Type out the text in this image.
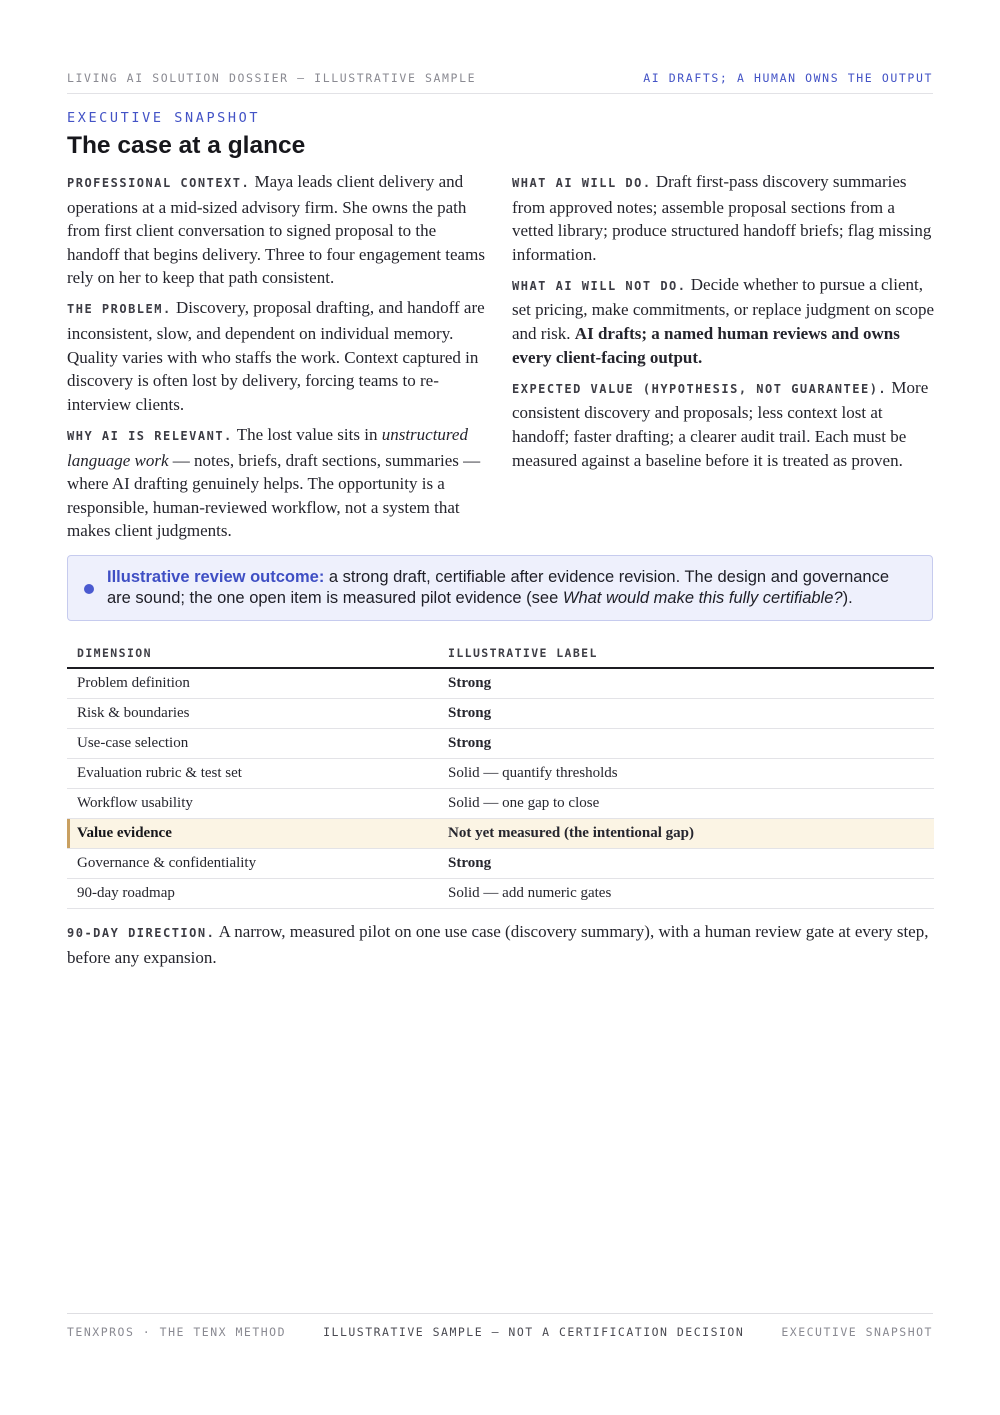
LIVING AI SOLUTION DOSSIER — ILLUSTRATIVE SAMPLE	AI DRAFTS; A HUMAN OWNS THE OUTPUT
EXECUTIVE SNAPSHOT
The case at a glance

PROFESSIONAL CONTEXT. Maya leads client delivery and operations at a mid-sized advisory firm. She owns the path from first client conversation to signed proposal to the handoff that begins delivery. Three to four engagement teams rely on her to keep that path consistent.

THE PROBLEM. Discovery, proposal drafting, and handoff are inconsistent, slow, and dependent on individual memory. Quality varies with who staffs the work. Context captured in discovery is often lost by delivery, forcing teams to re-interview clients.

WHY AI IS RELEVANT. The lost value sits in unstructured language work — notes, briefs, draft sections, summaries — where AI drafting genuinely helps. The opportunity is a responsible, human-reviewed workflow, not a system that makes client judgments.

WHAT AI WILL DO. Draft first-pass discovery summaries from approved notes; assemble proposal sections from a vetted library; produce structured handoff briefs; flag missing information.

WHAT AI WILL NOT DO. Decide whether to pursue a client, set pricing, make commitments, or replace judgment on scope and risk. AI drafts; a named human reviews and owns every client-facing output.

EXPECTED VALUE (HYPOTHESIS, NOT GUARANTEE). More consistent discovery and proposals; less context lost at handoff; faster drafting; a clearer audit trail. Each must be measured against a baseline before it is treated as proven.

Illustrative review outcome: a strong draft, certifiable after evidence revision. The design and governance are sound; the one open item is measured pilot evidence (see What would make this fully certifiable?).
DIMENSION	ILLUSTRATIVE LABEL
Problem definition	Strong
Risk & boundaries	Strong
Use-case selection	Strong
Evaluation rubric & test set	Solid — quantify thresholds
Workflow usability	Solid — one gap to close
Value evidence	Not yet measured (the intentional gap)
Governance & confidentiality	Strong
90-day roadmap	Solid — add numeric gates
90-DAY DIRECTION. A narrow, measured pilot on one use case (discovery summary), with a human review gate at every step, before any expansion.
TENXPROS · THE TENX METHOD	ILLUSTRATIVE SAMPLE — NOT A CERTIFICATION DECISION	EXECUTIVE SNAPSHOT
